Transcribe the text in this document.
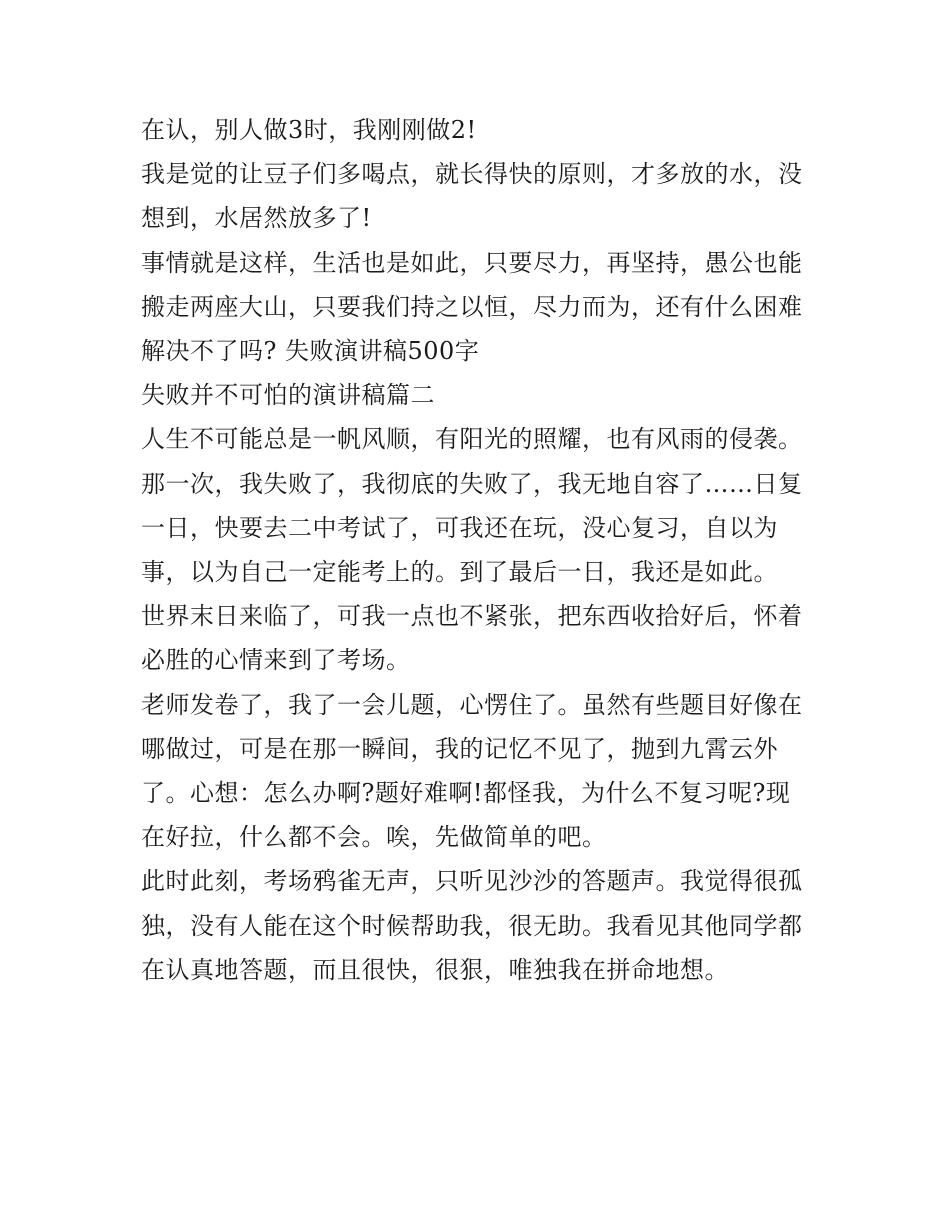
在认，别人做3时，我刚刚做2!

我是觉的让豆子们多喝点，就长得快的原则，才多放的水，没

想到，水居然放多了!

事情就是这样，生活也是如此，只要尽力，再坚持，愚公也能

搬走两座大山，只要我们持之以恒，尽力而为，还有什么困难

解决不了吗? 失败演讲稿500字

失败并不可怕的演讲稿篇二

人生不可能总是一帆风顺，有阳光的照耀，也有风雨的侵袭。

那一次，我失败了，我彻底的失败了，我无地自容了……日复

一日，快要去二中考试了，可我还在玩，没心复习，自以为

事，以为自己一定能考上的。到了最后一日，我还是如此。

世界末日来临了，可我一点也不紧张，把东西收拾好后，怀着

必胜的心情来到了考场。

老师发卷了，我了一会儿题，心愣住了。虽然有些题目好像在

哪做过，可是在那一瞬间，我的记忆不见了，抛到九霄云外

了。心想：怎么办啊?题好难啊!都怪我，为什么不复习呢?现

在好拉，什么都不会。唉，先做简单的吧。

此时此刻，考场鸦雀无声，只听见沙沙的答题声。我觉得很孤

独，没有人能在这个时候帮助我，很无助。我看见其他同学都

在认真地答题，而且很快，很狠，唯独我在拼命地想。
